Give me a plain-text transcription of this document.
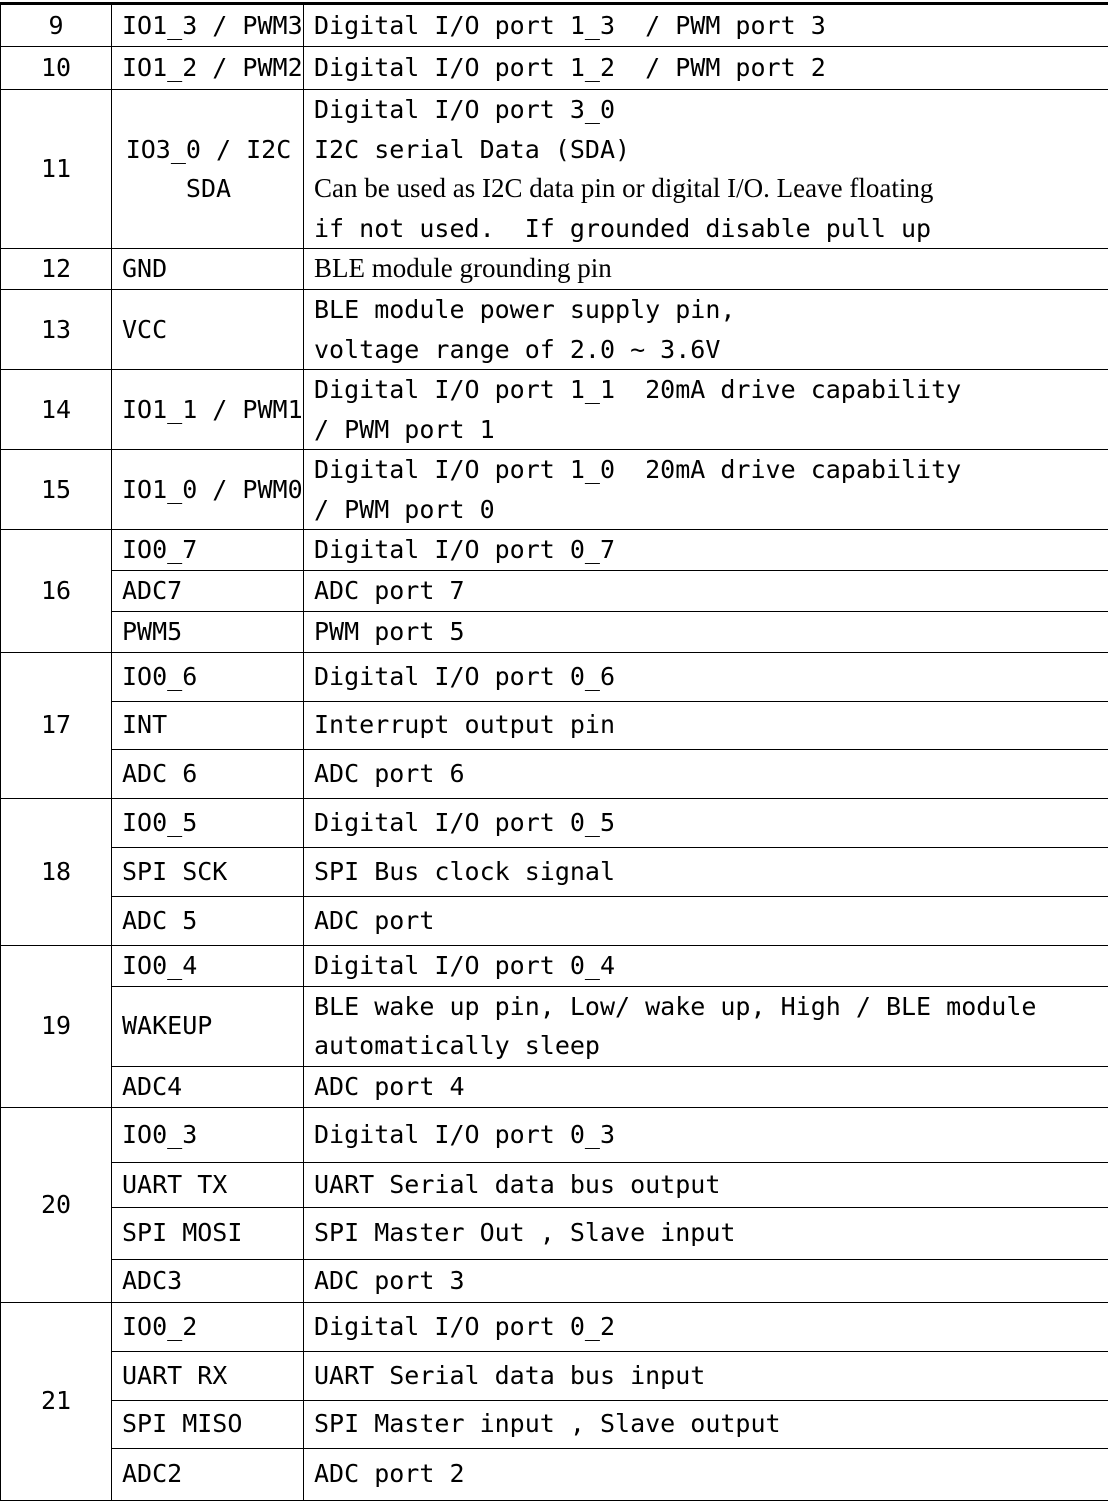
9	IO1_3 / PWM3	Digital I/O port 1_3  / PWM port 3

10	IO1_2 / PWM2	Digital I/O port 1_2  / PWM port 2

11	IO3_0 / I2C SDA	Digital I/O port 3_0
I2C serial Data (SDA)
Can be used as I2C data pin or digital I/O. Leave floating
if not used.  If grounded disable pull up

12	GND	BLE module grounding pin

13	VCC	BLE module power supply pin,
voltage range of 2.0 ~ 3.6V

14	IO1_1 / PWM1	Digital I/O port 1_1  20mA drive capability
/ PWM port 1

15	IO1_0 / PWM0	Digital I/O port 1_0  20mA drive capability
/ PWM port 0

16	IO0_7	Digital I/O port 0_7

	ADC7	ADC port 7

	PWM5	PWM port 5

17	IO0_6	Digital I/O port 0_6

	INT	Interrupt output pin

	ADC 6	ADC port 6

18	IO0_5	Digital I/O port 0_5

	SPI SCK	SPI Bus clock signal

	ADC 5	ADC port

19	IO0_4	Digital I/O port 0_4

	WAKEUP	BLE wake up pin, Low/ wake up, High / BLE module
automatically sleep

	ADC4	ADC port 4

20	IO0_3	Digital I/O port 0_3

	UART TX	UART Serial data bus output

	SPI MOSI	SPI Master Out , Slave input

	ADC3	ADC port 3

21	IO0_2	Digital I/O port 0_2

	UART RX	UART Serial data bus input

	SPI MISO	SPI Master input , Slave output

	ADC2	ADC port 2
